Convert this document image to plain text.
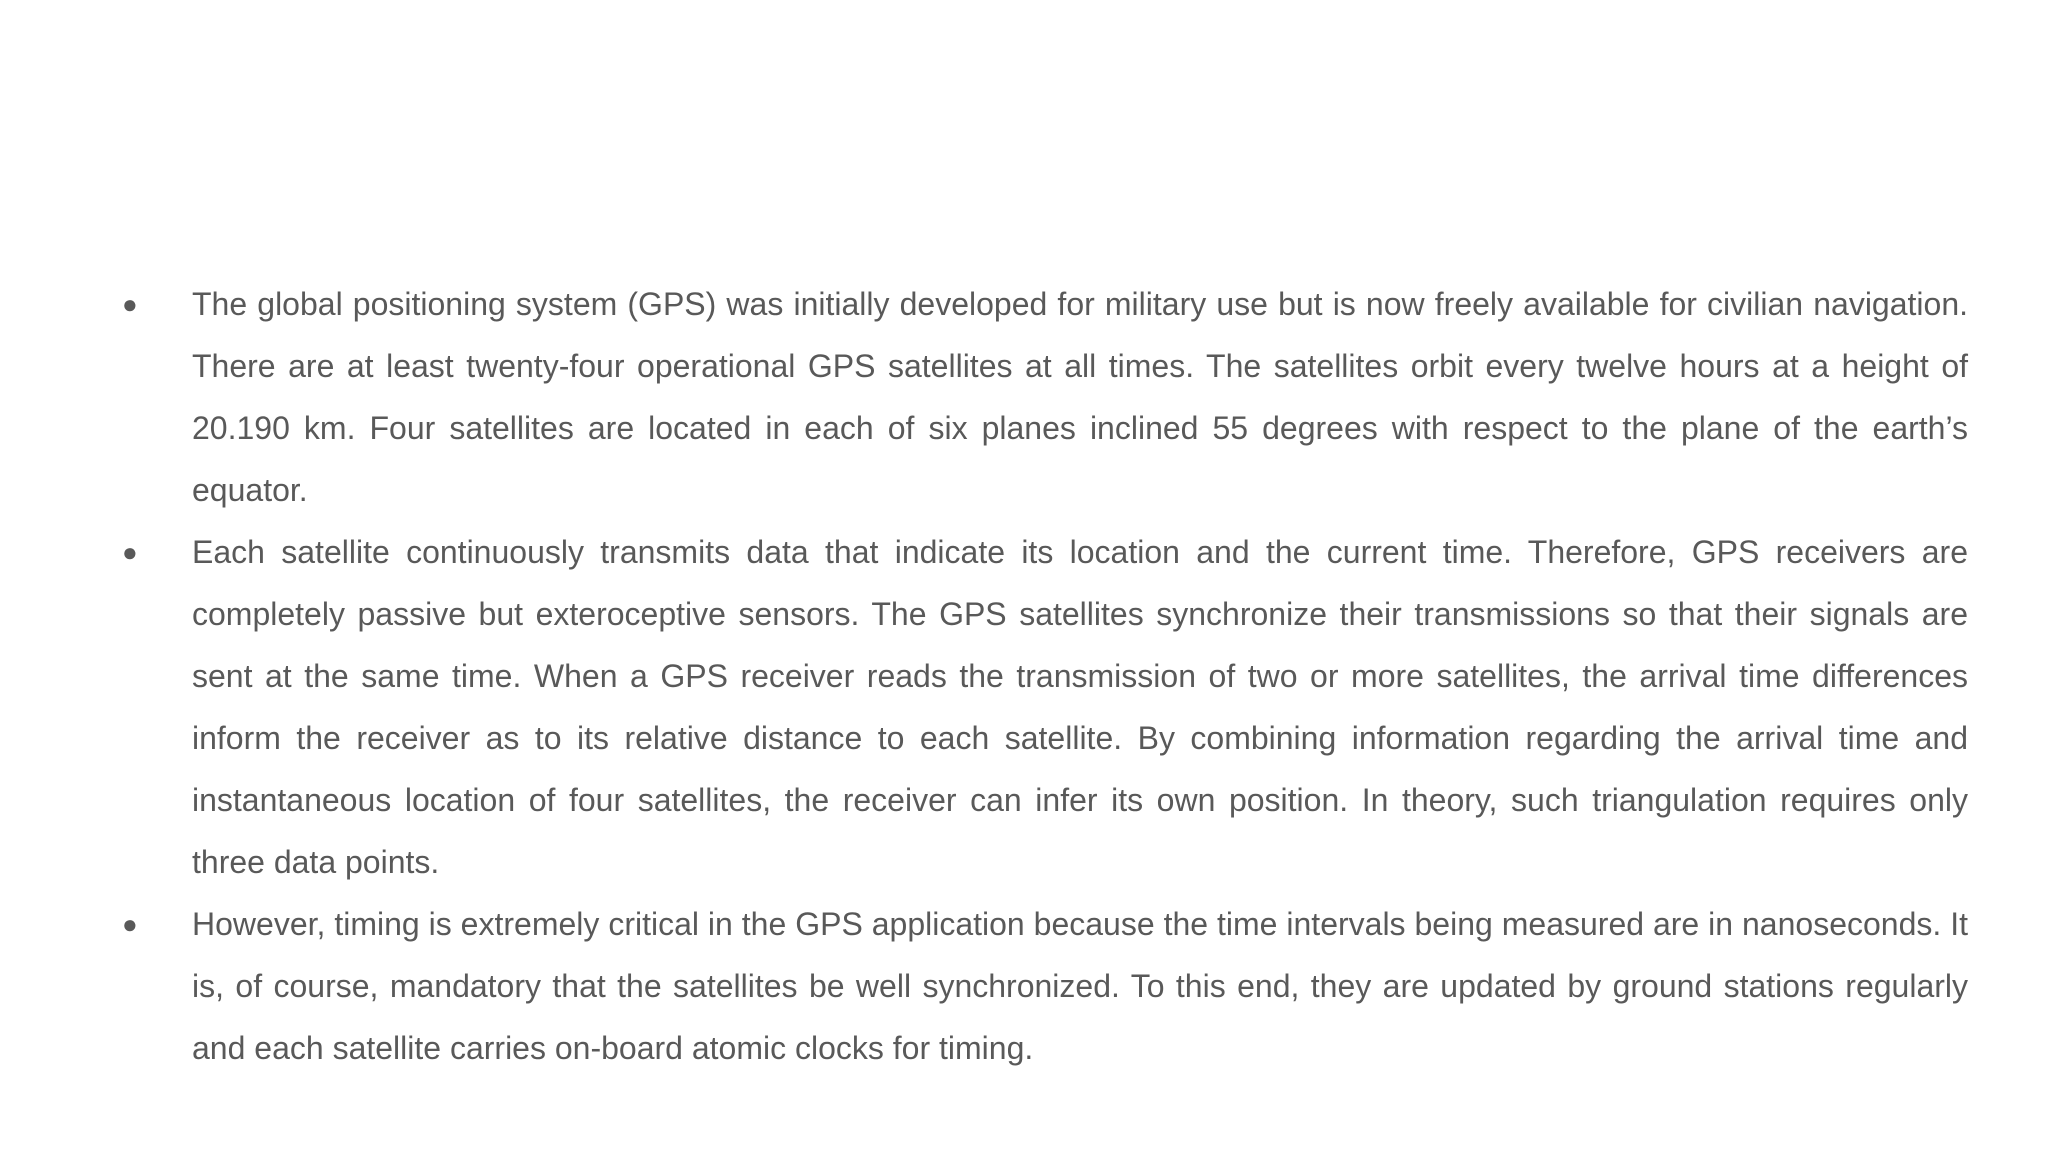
● The global positioning system (GPS) was initially developed for military use but is now freely available for civilian navigation. There are at least twenty-four operational GPS satellites at all times. The satellites orbit every twelve hours at a height of 20.190 km. Four satellites are located in each of six planes inclined 55 degrees with respect to the plane of the earth’s equator.
● Each satellite continuously transmits data that indicate its location and the current time. Therefore, GPS receivers are completely passive but exteroceptive sensors. The GPS satellites synchronize their transmissions so that their signals are sent at the same time. When a GPS receiver reads the transmission of two or more satellites, the arrival time differences inform the receiver as to its relative distance to each satellite. By combining information regarding the arrival time and instantaneous location of four satellites, the receiver can infer its own position. In theory, such triangulation requires only three data points.
● However, timing is extremely critical in the GPS application because the time intervals being measured are in nanoseconds. It is, of course, mandatory that the satellites be well synchronized. To this end, they are updated by ground stations regularly and each satellite carries on-board atomic clocks for timing.
